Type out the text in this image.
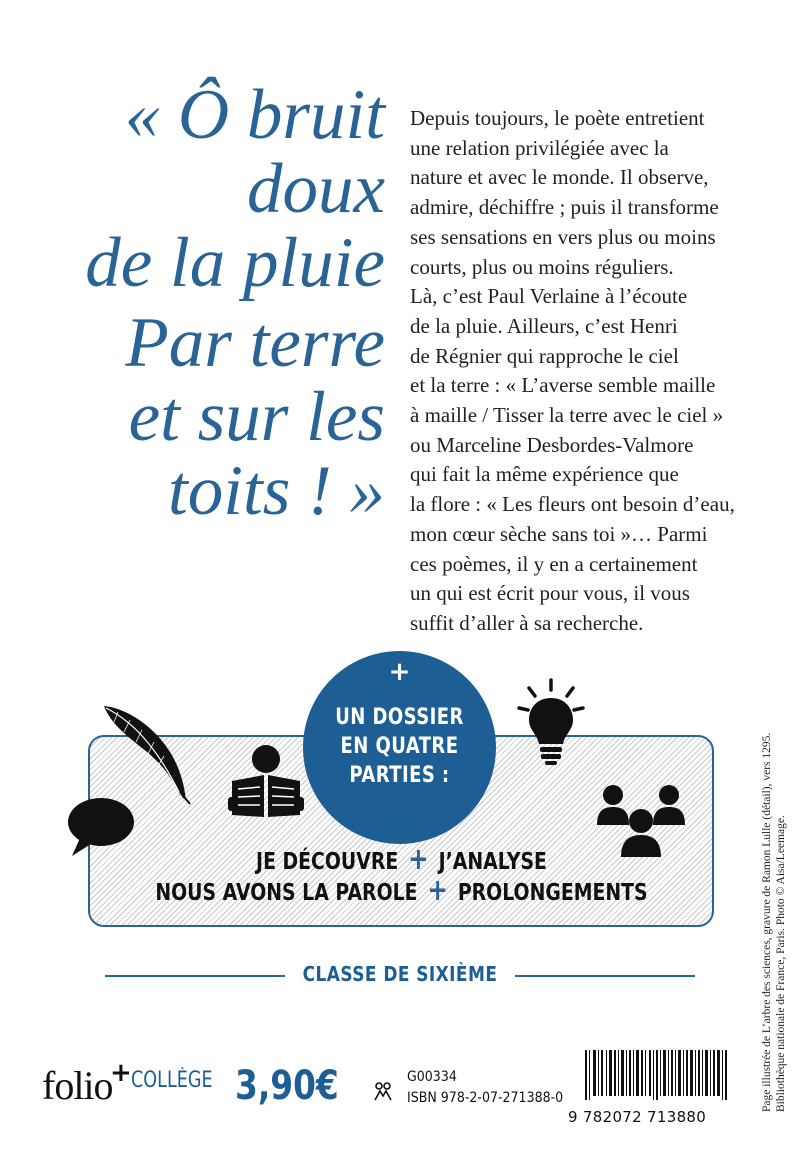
« Ô bruit
doux
de la pluie
Par terre
et sur les
toits ! »
Depuis toujours, le poète entretient
une relation privilégiée avec la
nature et avec le monde. Il observe,
admire, déchiffre ; puis il transforme
ses sensations en vers plus ou moins
courts, plus ou moins réguliers.
Là, c’est Paul Verlaine à l’écoute
de la pluie. Ailleurs, c’est Henri
de Régnier qui rapproche le ciel
et la terre : « L’averse semble maille
à maille / Tisser la terre avec le ciel »
ou Marceline Desbordes-Valmore
qui fait la même expérience que
la flore : « Les fleurs ont besoin d’eau,
mon cœur sèche sans toi »… Parmi
ces poèmes, il y en a certainement
un qui est écrit pour vous, il vous
suffit d’aller à sa recherche.
+
UN DOSSIER
EN QUATRE
PARTIES :
JE DÉCOUVRE + J’ANALYSE
NOUS AVONS LA PAROLE + PROLONGEMENTS
CLASSE DE SIXIÈME
folio
+ COLLÈGE 3,90€	G00334
ISBN 978-2-07-271388-0
9 782072 713880
Page illustrée de L’arbre des sciences, gravure de Ramon Lulle (détail), vers 1295. Bibliothèque nationale de France, Paris. Photo © Aisa/Leemage.
